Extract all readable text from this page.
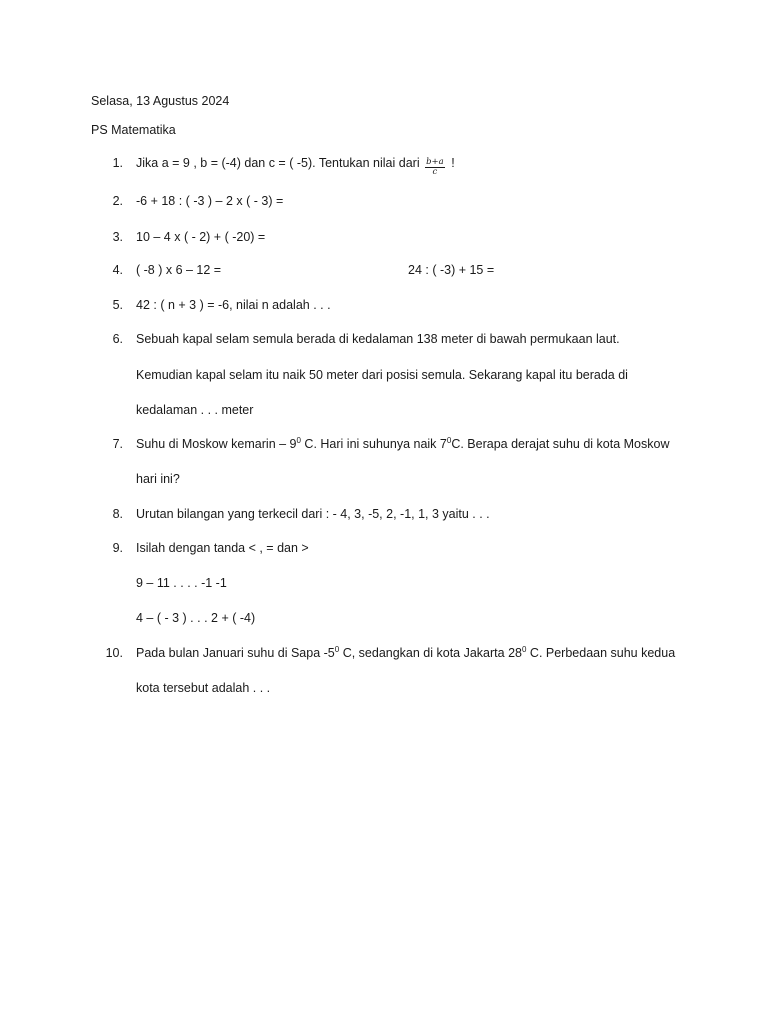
Selasa, 13 Agustus 2024
PS Matematika
1. Jika a = 9 , b = (-4) dan c = ( -5). Tentukan nilai dari $\frac{b+a}{c}$ !
2. -6 + 18 : ( -3 ) – 2 x ( - 3) =
3. 10 – 4 x ( - 2) + ( -20) =
4. ( -8 ) x 6 – 12 =	24 : ( -3) + 15 =
5. 42 : ( n + 3 ) = -6, nilai n adalah . . .
6. Sebuah kapal selam semula berada di kedalaman 138 meter di bawah permukaan laut.
Kemudian kapal selam itu naik 50 meter dari posisi semula. Sekarang kapal itu berada di
kedalaman . . . meter
7. Suhu di Moskow kemarin – $9^0$ C. Hari ini suhunya naik $7^0C$. Berapa derajat suhu di kota Moskow
hari ini?
8. Urutan bilangan yang terkecil dari : - 4, 3, -5, 2, -1, 1, 3 yaitu . . .
9. Isilah dengan tanda < , = dan >
9 – 11 . . . . -1 -1
4 – ( - 3 ) . . . 2 + ( -4)
10. Pada bulan Januari suhu di Sapa $-5^0$ C, sedangkan di kota Jakarta $28^0$ C. Perbedaan suhu kedua
kota tersebut adalah . . .
